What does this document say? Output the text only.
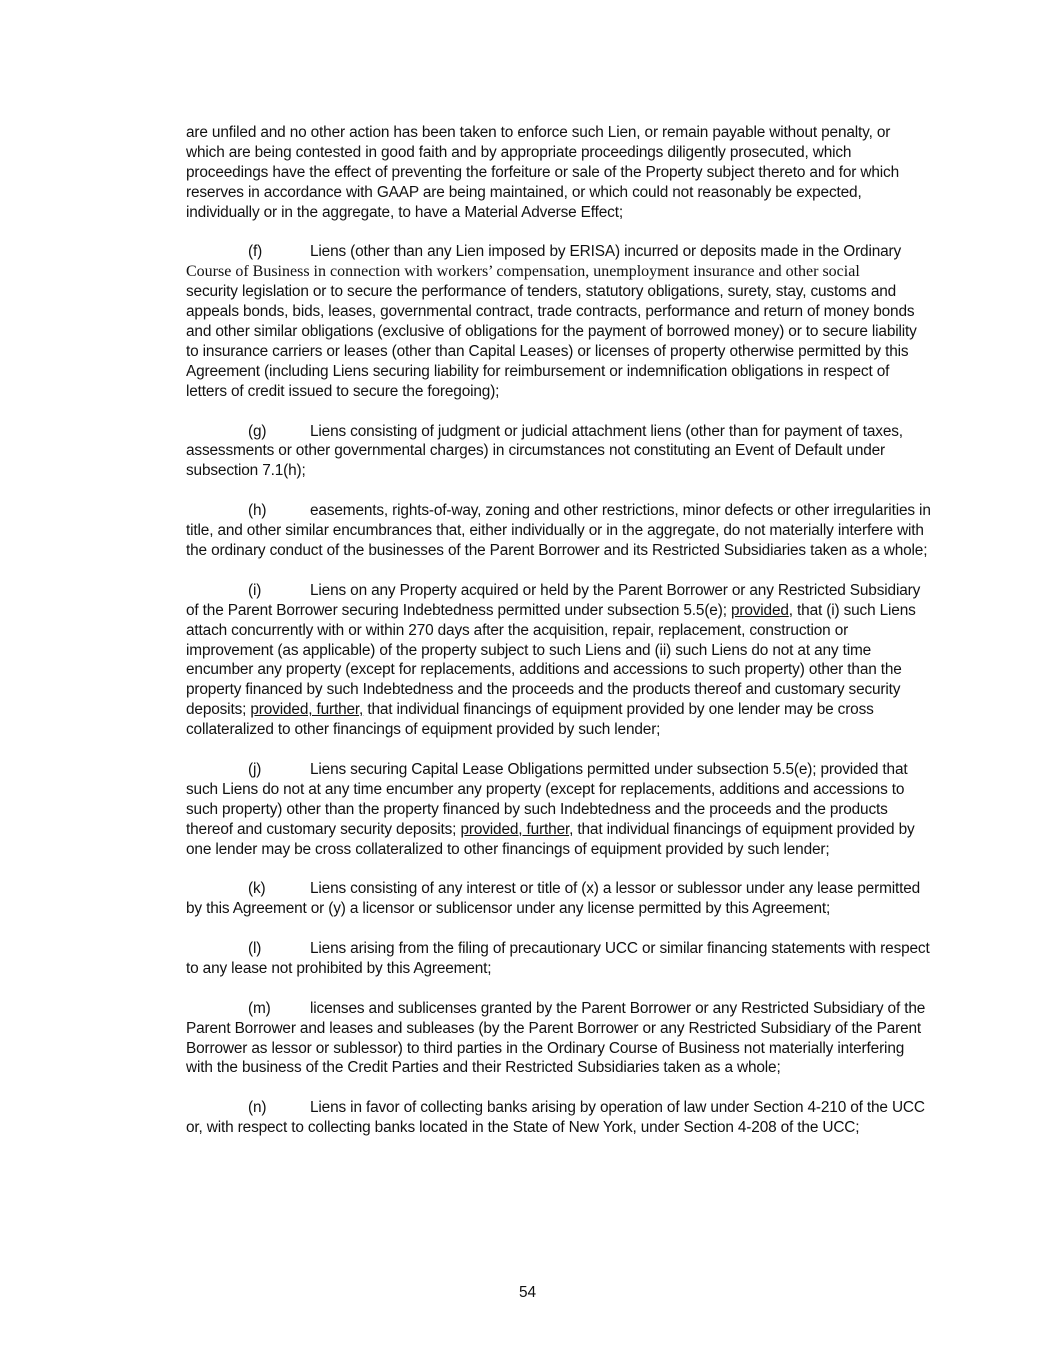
are unfiled and no other action has been taken to enforce such Lien, or remain payable without penalty, or which are being contested in good faith and by appropriate proceedings diligently prosecuted, which proceedings have the effect of preventing the forfeiture or sale of the Property subject thereto and for which reserves in accordance with GAAP are being maintained, or which could not reasonably be expected, individually or in the aggregate, to have a Material Adverse Effect;

(f)	Liens (other than any Lien imposed by ERISA) incurred or deposits made in the Ordinary
Course of Business in connection with workers’ compensation, unemployment insurance and other social
security legislation or to secure the performance of tenders, statutory obligations, surety, stay, customs and appeals bonds, bids, leases, governmental contract, trade contracts, performance and return of money bonds and other similar obligations (exclusive of obligations for the payment of borrowed money) or to secure liability to insurance carriers or leases (other than Capital Leases) or licenses of property otherwise permitted by this Agreement (including Liens securing liability for reimbursement or indemnification obligations in respect of letters of credit issued to secure the foregoing);

(g)	Liens consisting of judgment or judicial attachment liens (other than for payment of taxes, assessments or other governmental charges) in circumstances not constituting an Event of Default under subsection 7.1(h);

(h)	easements, rights-of-way, zoning and other restrictions, minor defects or other irregularities in title, and other similar encumbrances that, either individually or in the aggregate, do not materially interfere with the ordinary conduct of the businesses of the Parent Borrower and its Restricted Subsidiaries taken as a whole;

(i)	Liens on any Property acquired or held by the Parent Borrower or any Restricted Subsidiary of the Parent Borrower securing Indebtedness permitted under subsection 5.5(e); provided, that (i) such Liens attach concurrently with or within 270 days after the acquisition, repair, replacement, construction or improvement (as applicable) of the property subject to such Liens and (ii) such Liens do not at any time encumber any property (except for replacements, additions and accessions to such property) other than the property financed by such Indebtedness and the proceeds and the products thereof and customary security deposits; provided, further, that individual financings of equipment provided by one lender may be cross collateralized to other financings of equipment provided by such lender;

(j)	Liens securing Capital Lease Obligations permitted under subsection 5.5(e); provided that such Liens do not at any time encumber any property (except for replacements, additions and accessions to such property) other than the property financed by such Indebtedness and the proceeds and the products thereof and customary security deposits; provided, further, that individual financings of equipment provided by one lender may be cross collateralized to other financings of equipment provided by such lender;

(k)	Liens consisting of any interest or title of (x) a lessor or sublessor under any lease permitted by this Agreement or (y) a licensor or sublicensor under any license permitted by this Agreement;

(l)	Liens arising from the filing of precautionary UCC or similar financing statements with respect to any lease not prohibited by this Agreement;

(m)	licenses and sublicenses granted by the Parent Borrower or any Restricted Subsidiary of the Parent Borrower and leases and subleases (by the Parent Borrower or any Restricted Subsidiary of the Parent Borrower as lessor or sublessor) to third parties in the Ordinary Course of Business not materially interfering with the business of the Credit Parties and their Restricted Subsidiaries taken as a whole;

(n)	Liens in favor of collecting banks arising by operation of law under Section 4-210 of the UCC or, with respect to collecting banks located in the State of New York, under Section 4-208 of the UCC;

54
